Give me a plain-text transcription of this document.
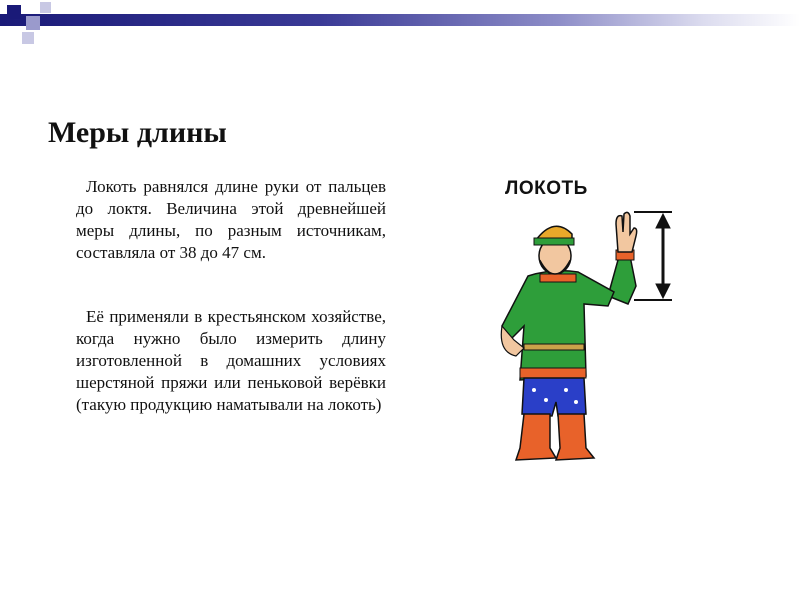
Меры длины

Локоть равнялся длине руки от пальцев до локтя. Величина этой древнейшей меры длины, по разным источникам, составляла от 38 до 47 см.

Её применяли в крестьянском хозяйстве, когда нужно было измерить длину изготовленной в домашних условиях шерстяной пряжи или пеньковой верёвки (такую продукцию наматывали на локоть)

ЛОКОТЬ
